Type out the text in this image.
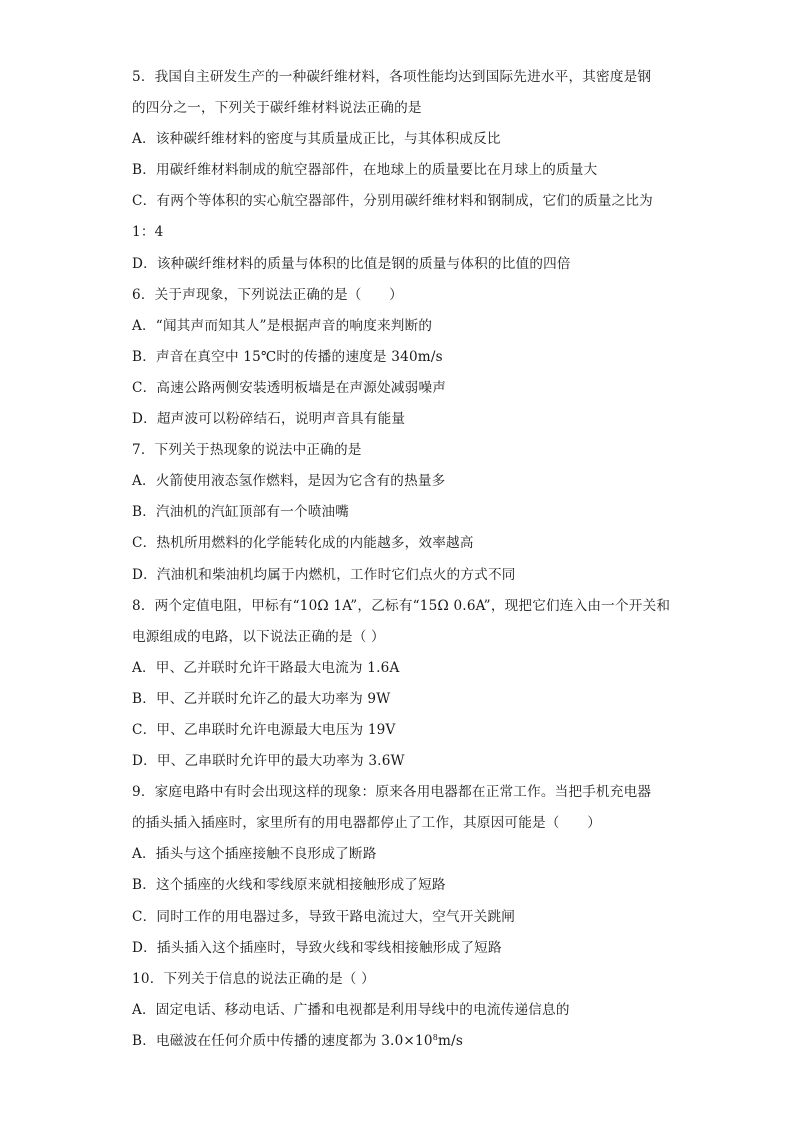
5．我国自主研发生产的一种碳纤维材料，各项性能均达到国际先进水平，其密度是钢
的四分之一，下列关于碳纤维材料说法正确的是
A．该种碳纤维材料的密度与其质量成正比，与其体积成反比
B．用碳纤维材料制成的航空器部件，在地球上的质量要比在月球上的质量大
C．有两个等体积的实心航空器部件，分别用碳纤维材料和钢制成，它们的质量之比为
1：4
D．该种碳纤维材料的质量与体积的比值是钢的质量与体积的比值的四倍
6．关于声现象，下列说法正确的是（　　）
A．“闻其声而知其人”是根据声音的响度来判断的
B．声音在真空中 15℃时的传播的速度是 340m/s
C．高速公路两侧安装透明板墙是在声源处减弱噪声
D．超声波可以粉碎结石，说明声音具有能量
7．下列关于热现象的说法中正确的是
A．火箭使用液态氢作燃料，是因为它含有的热量多
B．汽油机的汽缸顶部有一个喷油嘴
C．热机所用燃料的化学能转化成的内能越多，效率越高
D．汽油机和柴油机均属于内燃机，工作时它们点火的方式不同
8．两个定值电阻，甲标有“10Ω 1A”，乙标有“15Ω 0.6A”，现把它们连入由一个开关和
电源组成的电路，以下说法正确的是（ ）
A．甲、乙并联时允许干路最大电流为 1.6A
B．甲、乙并联时允许乙的最大功率为 9W
C．甲、乙串联时允许电源最大电压为 19V
D．甲、乙串联时允许甲的最大功率为 3.6W
9．家庭电路中有时会出现这样的现象：原来各用电器都在正常工作。当把手机充电器
的插头插入插座时，家里所有的用电器都停止了工作，其原因可能是（　　）
A．插头与这个插座接触不良形成了断路
B．这个插座的火线和零线原来就相接触形成了短路
C．同时工作的用电器过多，导致干路电流过大，空气开关跳闸
D．插头插入这个插座时，导致火线和零线相接触形成了短路
10．下列关于信息的说法正确的是（ ）
A．固定电话、移动电话、广播和电视都是利用导线中的电流传递信息的
B．电磁波在任何介质中传播的速度都为 $3.0\times 10^8m/s$
